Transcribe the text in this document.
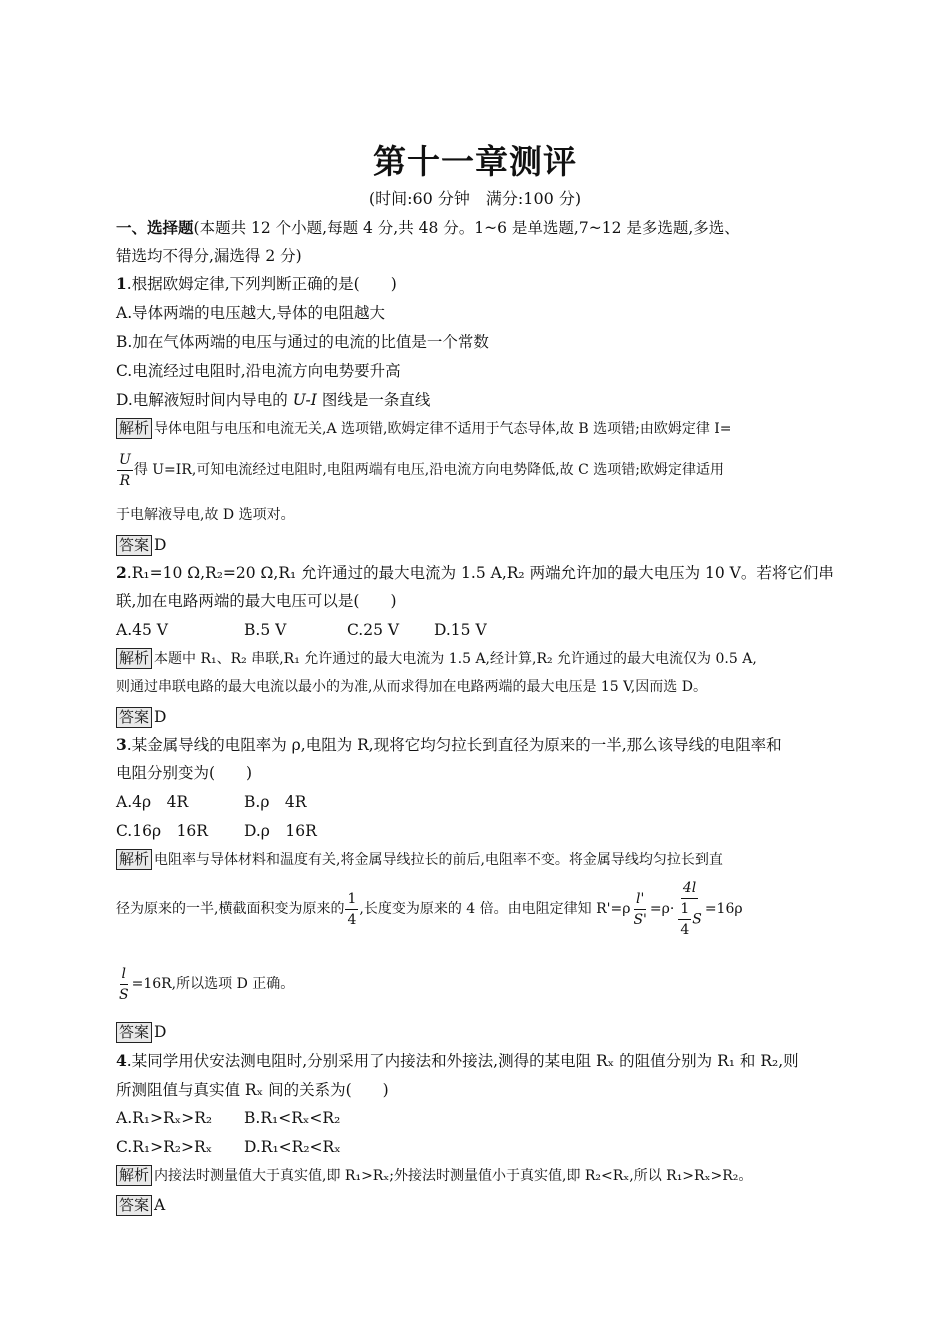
第十一章测评
(时间:60 分钟　满分:100 分)
一、选择题(本题共 12 个小题,每题 4 分,共 48 分。1~6 是单选题,7~12 是多选题,多选、
错选均不得分,漏选得 2 分)
1.根据欧姆定律,下列判断正确的是(　　)
A.导体两端的电压越大,导体的电阻越大
B.加在气体两端的电压与通过的电流的比值是一个常数
C.电流经过电阻时,沿电流方向电势要升高
D.电解液短时间内导电的 U-I 图线是一条直线
解析 导体电阻与电压和电流无关,A 选项错,欧姆定律不适用于气态导体,故 B 选项错;由欧姆定律 I=
$\frac{U}{R}$ 得 U=IR,可知电流经过电阻时,电阻两端有电压,沿电流方向电势降低,故 C 选项错;欧姆定律适用
于电解液导电,故 D 选项对。
答案 D
2.R₁=10 Ω,R₂=20 Ω,R₁ 允许通过的最大电流为 1.5 A,R₂ 两端允许加的最大电压为 10 V。若将它们串
联,加在电路两端的最大电压可以是(　　)
A.45 V	B.5 V	C.25 V D.15 V
解析 本题中 R₁、R₂ 串联,R₁ 允许通过的最大电流为 1.5 A,经计算,R₂ 允许通过的最大电流仅为 0.5 A,
则通过串联电路的最大电流以最小的为准,从而求得加在电路两端的最大电压是 15 V,因而选 D。
答案 D
3.某金属导线的电阻率为 ρ,电阻为 R,现将它均匀拉长到直径为原来的一半,那么该导线的电阻率和
电阻分别变为(　　)
A.4ρ　4R	B.ρ　4R
C.16ρ　16R D.ρ　16R
解析 电阻率与导体材料和温度有关,将金属导线拉长的前后,电阻率不变。将金属导线均匀拉长到直
径为原来的一半,横截面积变为原来的 $\frac{1}{4}$ ,长度变为原来的 4 倍。由电阻定律知 $R'=\rho \frac{l'}{S'} =\rho\cdot \frac{4l}{\frac{1}{4} S} =16\rho$
$\frac{l}{S} =16R$,所以选项 D 正确。
答案 D
4.某同学用伏安法测电阻时,分别采用了内接法和外接法,测得的某电阻 Rₓ 的阻值分别为 R₁ 和 R₂,则
所测阻值与真实值 Rₓ 间的关系为(　　)
A.R₁>Rₓ>R₂ B.R₁<Rₓ<R₂
C.R₁>R₂>Rₓ D.R₁<R₂<Rₓ
解析 内接法时测量值大于真实值,即 R₁>Rₓ;外接法时测量值小于真实值,即 R₂<Rₓ,所以 R₁>Rₓ>R₂。
答案 A
